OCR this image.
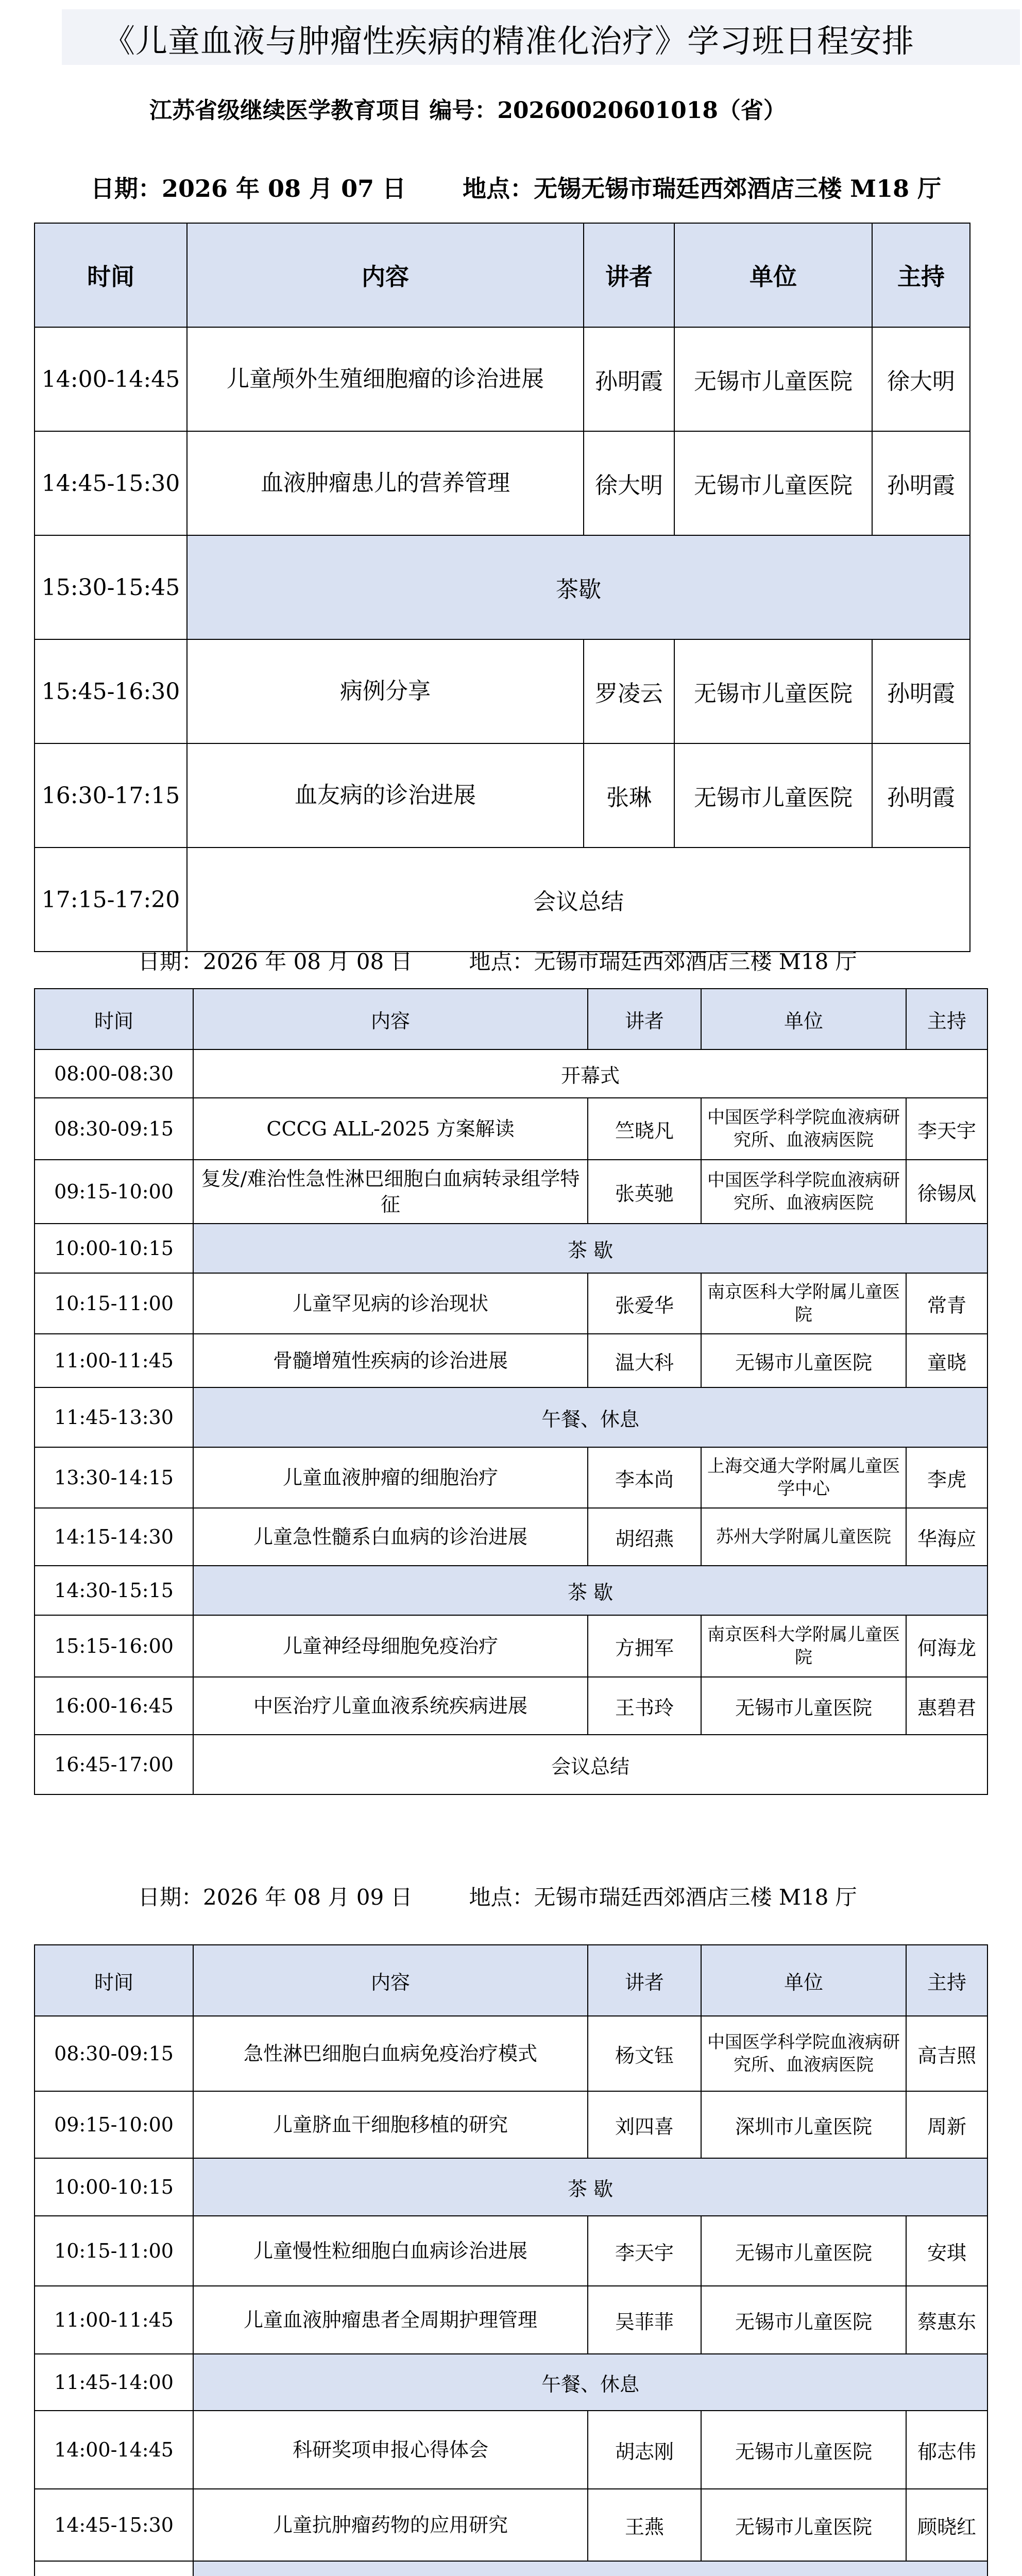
《儿童血液与肿瘤性疾病的精准化治疗》学习班日程安排
江苏省级继续医学教育项目 编号：20260020601018（省）
日期：2026 年 08 月 07 日 地点：无锡无锡市瑞廷西郊酒店三楼 M18 厅
时间	内容	讲者	单位	主持
14:00-14:45	儿童颅外生殖细胞瘤的诊治进展	孙明霞	无锡市儿童医院	徐大明
14:45-15:30	血液肿瘤患儿的营养管理	徐大明	无锡市儿童医院	孙明霞
15:30-15:45	茶歇			
15:45-16:30	病例分享	罗凌云	无锡市儿童医院	孙明霞
16:30-17:15	血友病的诊治进展	张琳	无锡市儿童医院	孙明霞
17:15-17:20	会议总结			
日期：2026 年 08 月 08 日	地点：无锡市瑞廷西郊酒店三楼 M18 厅
时间	内容	讲者	单位	主持
08:00-08:30	开幕式			
08:30-09:15	CCCG ALL-2025 方案解读	竺晓凡	中国医学科学院血液病研究所、血液病医院	李天宇
09:15-10:00	复发/难治性急性淋巴细胞白血病转录组学特征	张英驰	中国医学科学院血液病研究所、血液病医院	徐锡凤
10:00-10:15	茶 歇			
10:15-11:00	儿童罕见病的诊治现状	张爱华	南京医科大学附属儿童医院	常青
11:00-11:45	骨髓增殖性疾病的诊治进展	温大科	无锡市儿童医院	童晓
11:45-13:30	午餐、休息			
13:30-14:15	儿童血液肿瘤的细胞治疗	李本尚	上海交通大学附属儿童医学中心	李虎
14:15-14:30	儿童急性髓系白血病的诊治进展	胡绍燕	苏州大学附属儿童医院	华海应
14:30-15:15	茶 歇			
15:15-16:00	儿童神经母细胞免疫治疗	方拥军	南京医科大学附属儿童医院	何海龙
16:00-16:45	中医治疗儿童血液系统疾病进展	王书玲	无锡市儿童医院	惠碧君
16:45-17:00	会议总结			
日期：2026 年 08 月 09 日	地点：无锡市瑞廷西郊酒店三楼 M18 厅
时间	内容	讲者	单位	主持
08:30-09:15	急性淋巴细胞白血病免疫治疗模式	杨文钰	中国医学科学院血液病研究所、血液病医院	高吉照
09:15-10:00	儿童脐血干细胞移植的研究	刘四喜	深圳市儿童医院	周新
10:00-10:15	茶 歇			
10:15-11:00	儿童慢性粒细胞白血病诊治进展	李天宇	无锡市儿童医院	安琪
11:00-11:45	儿童血液肿瘤患者全周期护理管理	吴菲菲	无锡市儿童医院	蔡惠东
11:45-14:00	午餐、休息			
14:00-14:45	科研奖项申报心得体会	胡志刚	无锡市儿童医院	郁志伟
14:45-15:30	儿童抗肿瘤药物的应用研究	王燕	无锡市儿童医院	顾晓红
